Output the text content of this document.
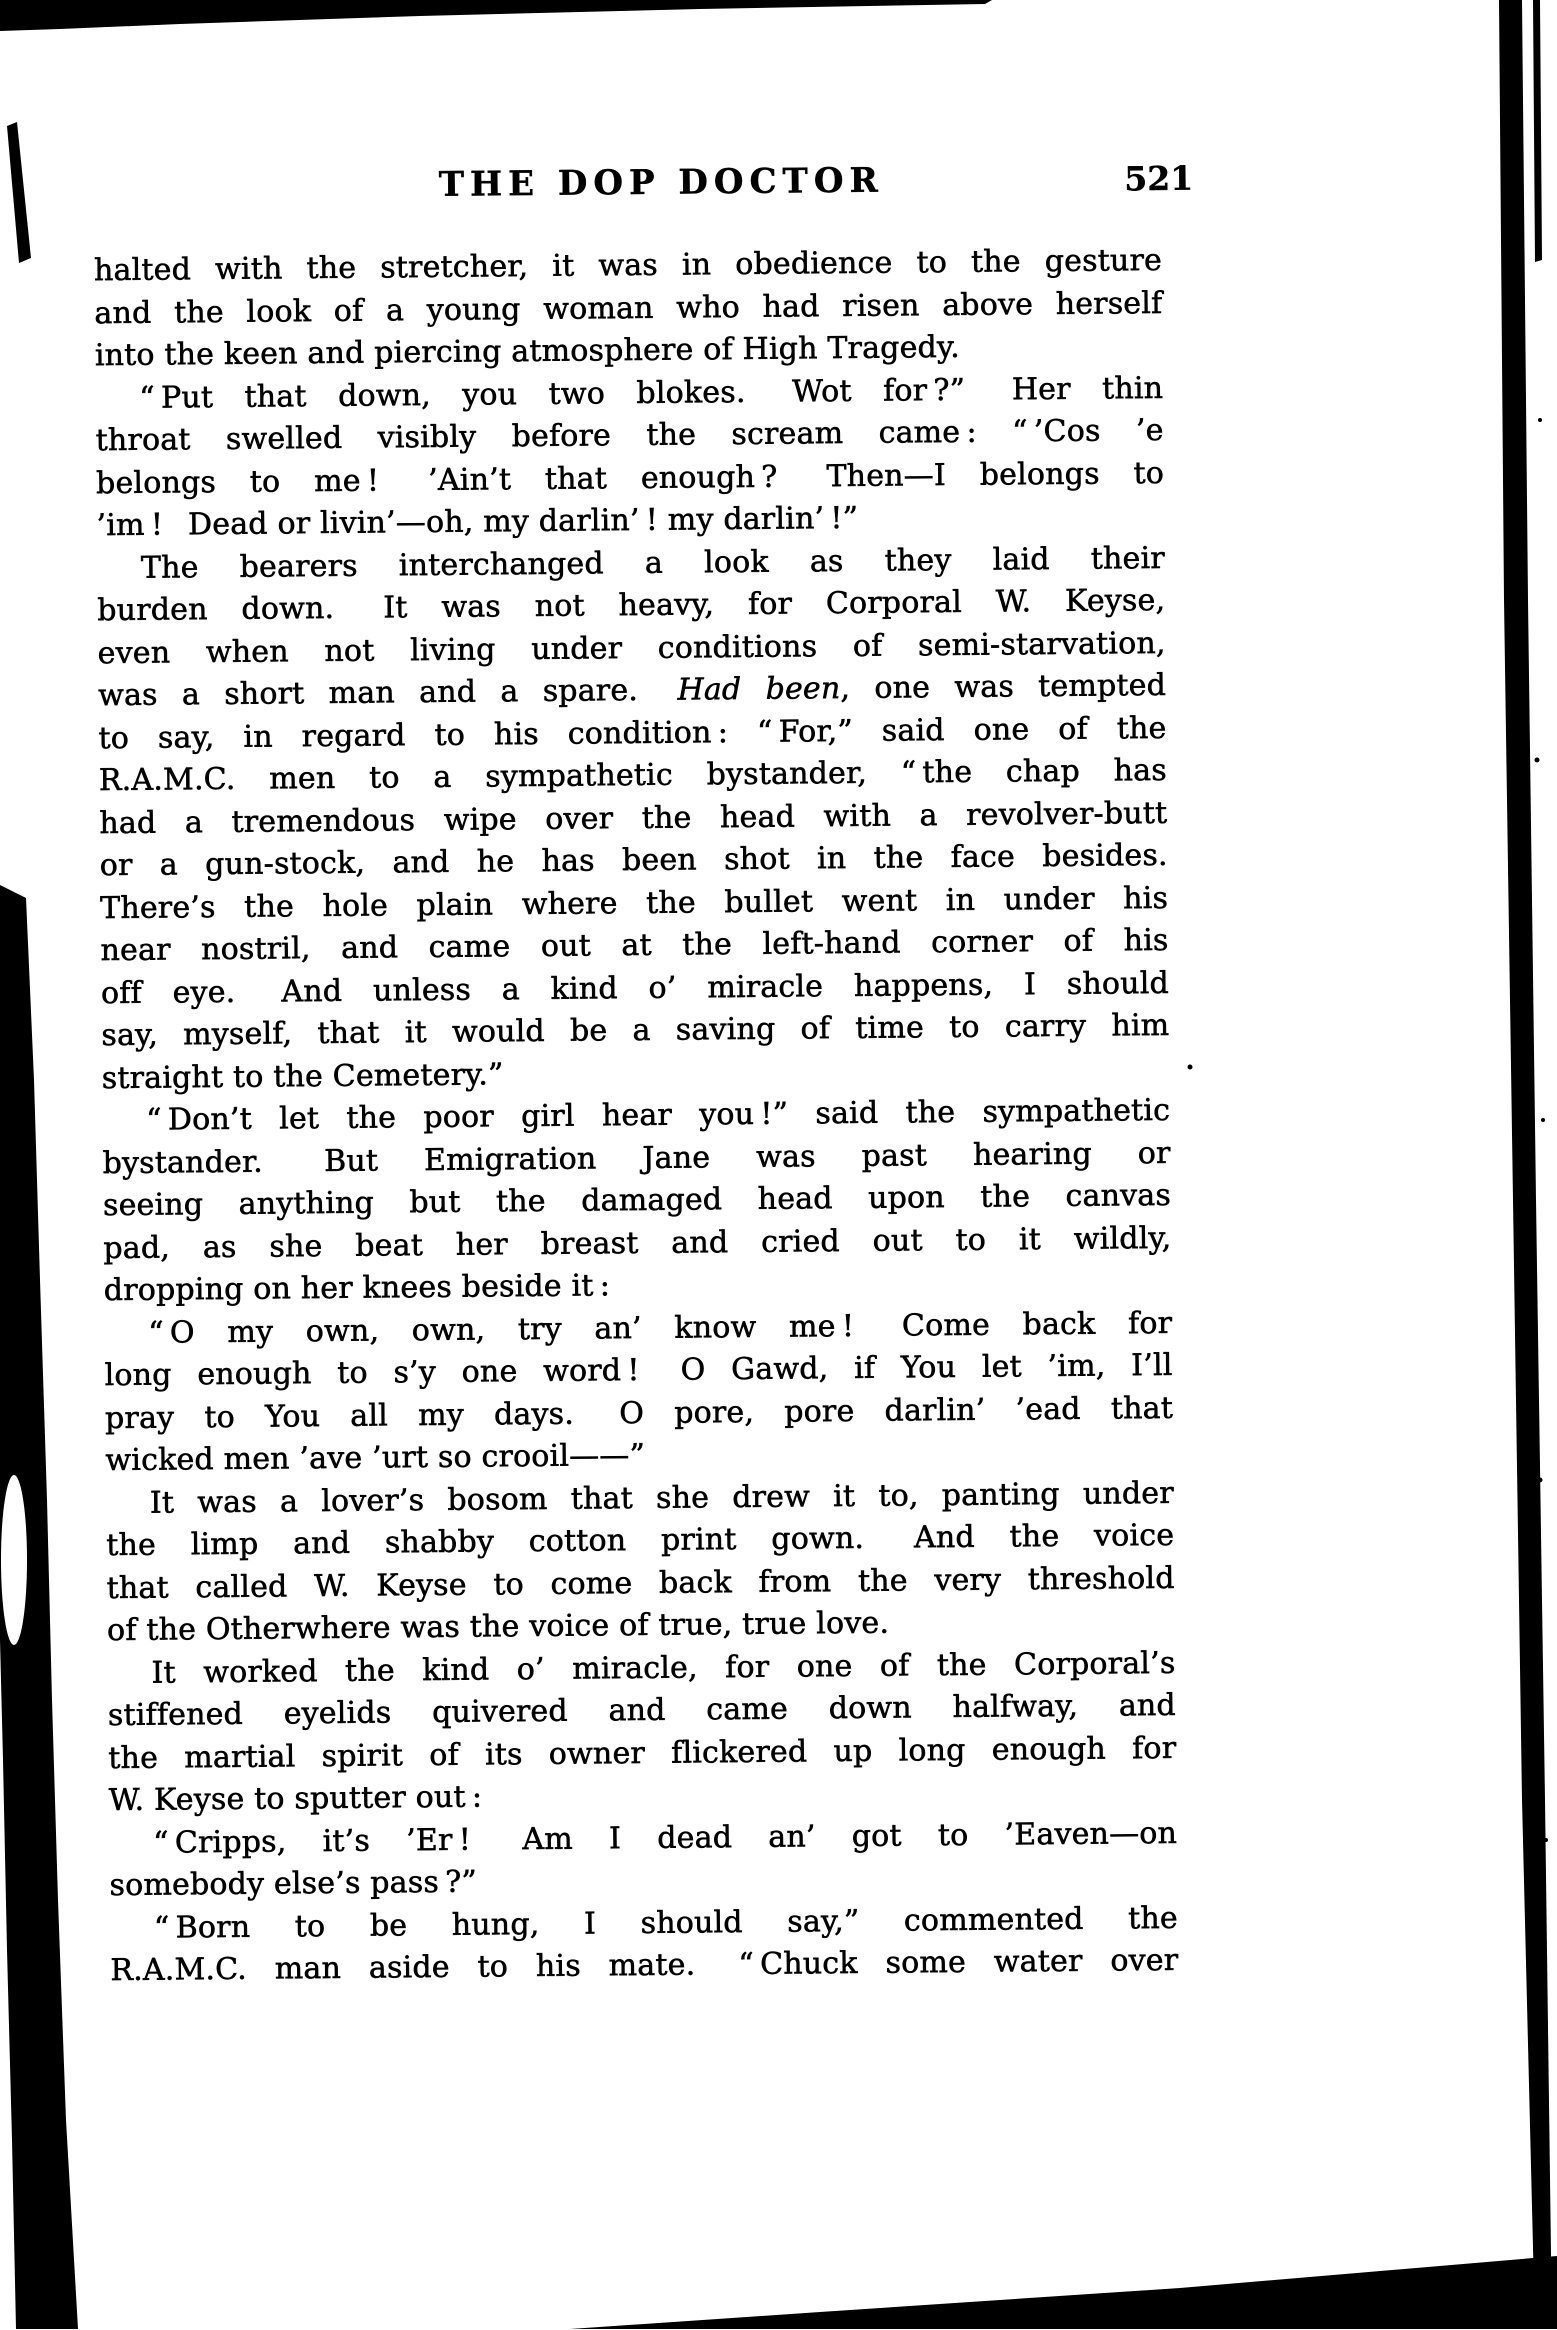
THE DOP DOCTOR	521
halted with the stretcher, it was in obedience to the gesture
and the look of a young woman who had risen above herself
into the keen and piercing atmosphere of High Tragedy.
“ Put that down, you two blokes.  Wot for ?”  Her thin
throat swelled visibly before the scream came : “ ’Cos ’e
belongs to me !  ’Ain’t that enough ?  Then—I belongs to
’im !  Dead or livin’—oh, my darlin’ ! my darlin’ !”
The bearers interchanged a look as they laid their
burden down.  It was not heavy, for Corporal W. Keyse,
even when not living under conditions of semi-starvation,
was a short man and a spare.  Had been, one was tempted
to say, in regard to his condition : “ For,” said one of the
R.A.M.C. men to a sympathetic bystander, “ the chap has
had a tremendous wipe over the head with a revolver-butt
or a gun-stock, and he has been shot in the face besides.
There’s the hole plain where the bullet went in under his
near nostril, and came out at the left-hand corner of his
off eye.  And unless a kind o’ miracle happens, I should
say, myself, that it would be a saving of time to carry him
straight to the Cemetery.”
“ Don’t let the poor girl hear you !” said the sympathetic
bystander.  But Emigration Jane was past hearing or
seeing anything but the damaged head upon the canvas
pad, as she beat her breast and cried out to it wildly,
dropping on her knees beside it :
“ O my own, own, try an’ know me !  Come back for
long enough to s’y one word !  O Gawd, if You let ’im, I’ll
pray to You all my days.  O pore, pore darlin’ ’ead that
wicked men ’ave ’urt so crooil——”
It was a lover’s bosom that she drew it to, panting under
the limp and shabby cotton print gown.  And the voice
that called W. Keyse to come back from the very threshold
of the Otherwhere was the voice of true, true love.
It worked the kind o’ miracle, for one of the Corporal’s
stiffened eyelids quivered and came down halfway, and
the martial spirit of its owner flickered up long enough for
W. Keyse to sputter out :
“ Cripps, it’s ’Er !  Am I dead an’ got to ’Eaven—on
somebody else’s pass ?”
“ Born to be hung, I should say,” commented the
R.A.M.C. man aside to his mate.  “ Chuck some water over
